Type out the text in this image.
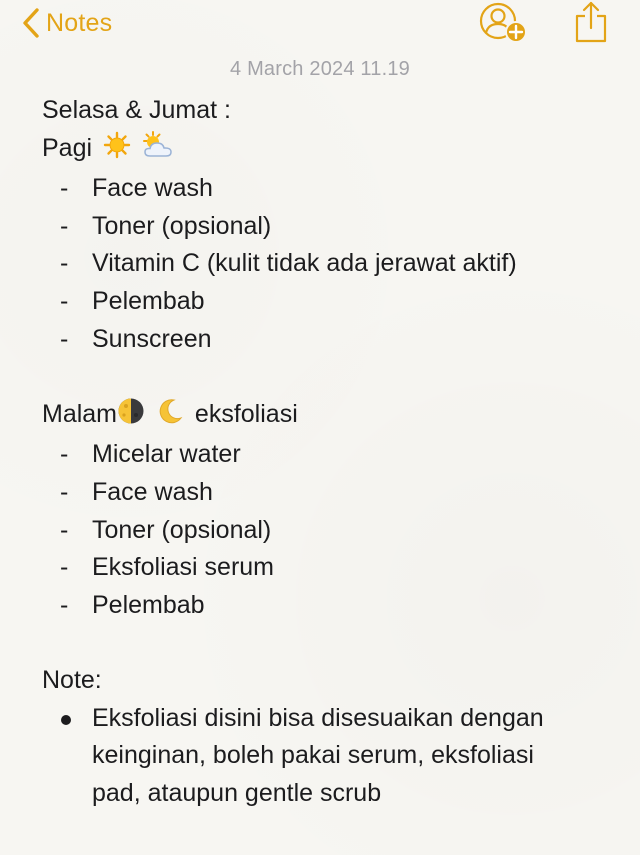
Notes
4 March 2024 11.19
Selasa & Jumat :
Pagi
- Face wash
- Toner (opsional)
- Vitamin C (kulit tidak ada jerawat aktif)
- Pelembab
- Sunscreen
Malam	eksfoliasi
- Micelar water
- Face wash
- Toner (opsional)
- Eksfoliasi serum
- Pelembab
Note:
Eksfoliasi disini bisa disesuaikan dengan
keinginan, boleh pakai serum, eksfoliasi
pad, ataupun gentle scrub
